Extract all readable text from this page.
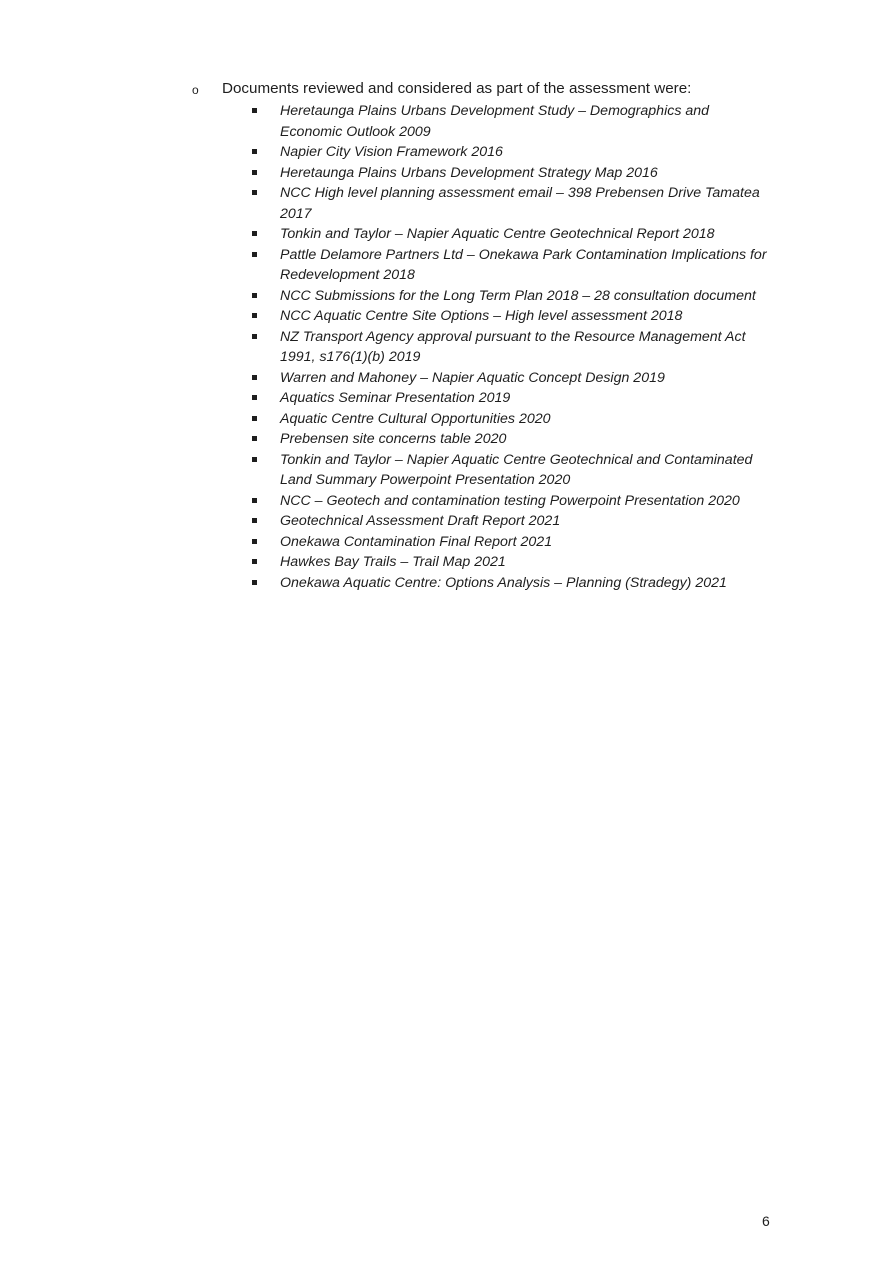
o Documents reviewed and considered as part of the assessment were:
Heretaunga Plains Urbans Development Study – Demographics and Economic Outlook 2009
Napier City Vision Framework 2016
Heretaunga Plains Urbans Development Strategy Map 2016
NCC High level planning assessment email – 398 Prebensen Drive Tamatea 2017
Tonkin and Taylor – Napier Aquatic Centre Geotechnical Report 2018
Pattle Delamore Partners Ltd – Onekawa Park Contamination Implications for Redevelopment 2018
NCC Submissions for the Long Term Plan 2018 – 28 consultation document
NCC Aquatic Centre Site Options – High level assessment 2018
NZ Transport Agency approval pursuant to the Resource Management Act 1991, s176(1)(b) 2019
Warren and Mahoney – Napier Aquatic Concept Design 2019
Aquatics Seminar Presentation 2019
Aquatic Centre Cultural Opportunities 2020
Prebensen site concerns table 2020
Tonkin and Taylor – Napier Aquatic Centre Geotechnical and Contaminated Land Summary Powerpoint Presentation 2020
NCC – Geotech and contamination testing Powerpoint Presentation 2020
Geotechnical Assessment Draft Report 2021
Onekawa Contamination Final Report 2021
Hawkes Bay Trails – Trail Map 2021
Onekawa Aquatic Centre: Options Analysis – Planning (Stradegy) 2021
6
